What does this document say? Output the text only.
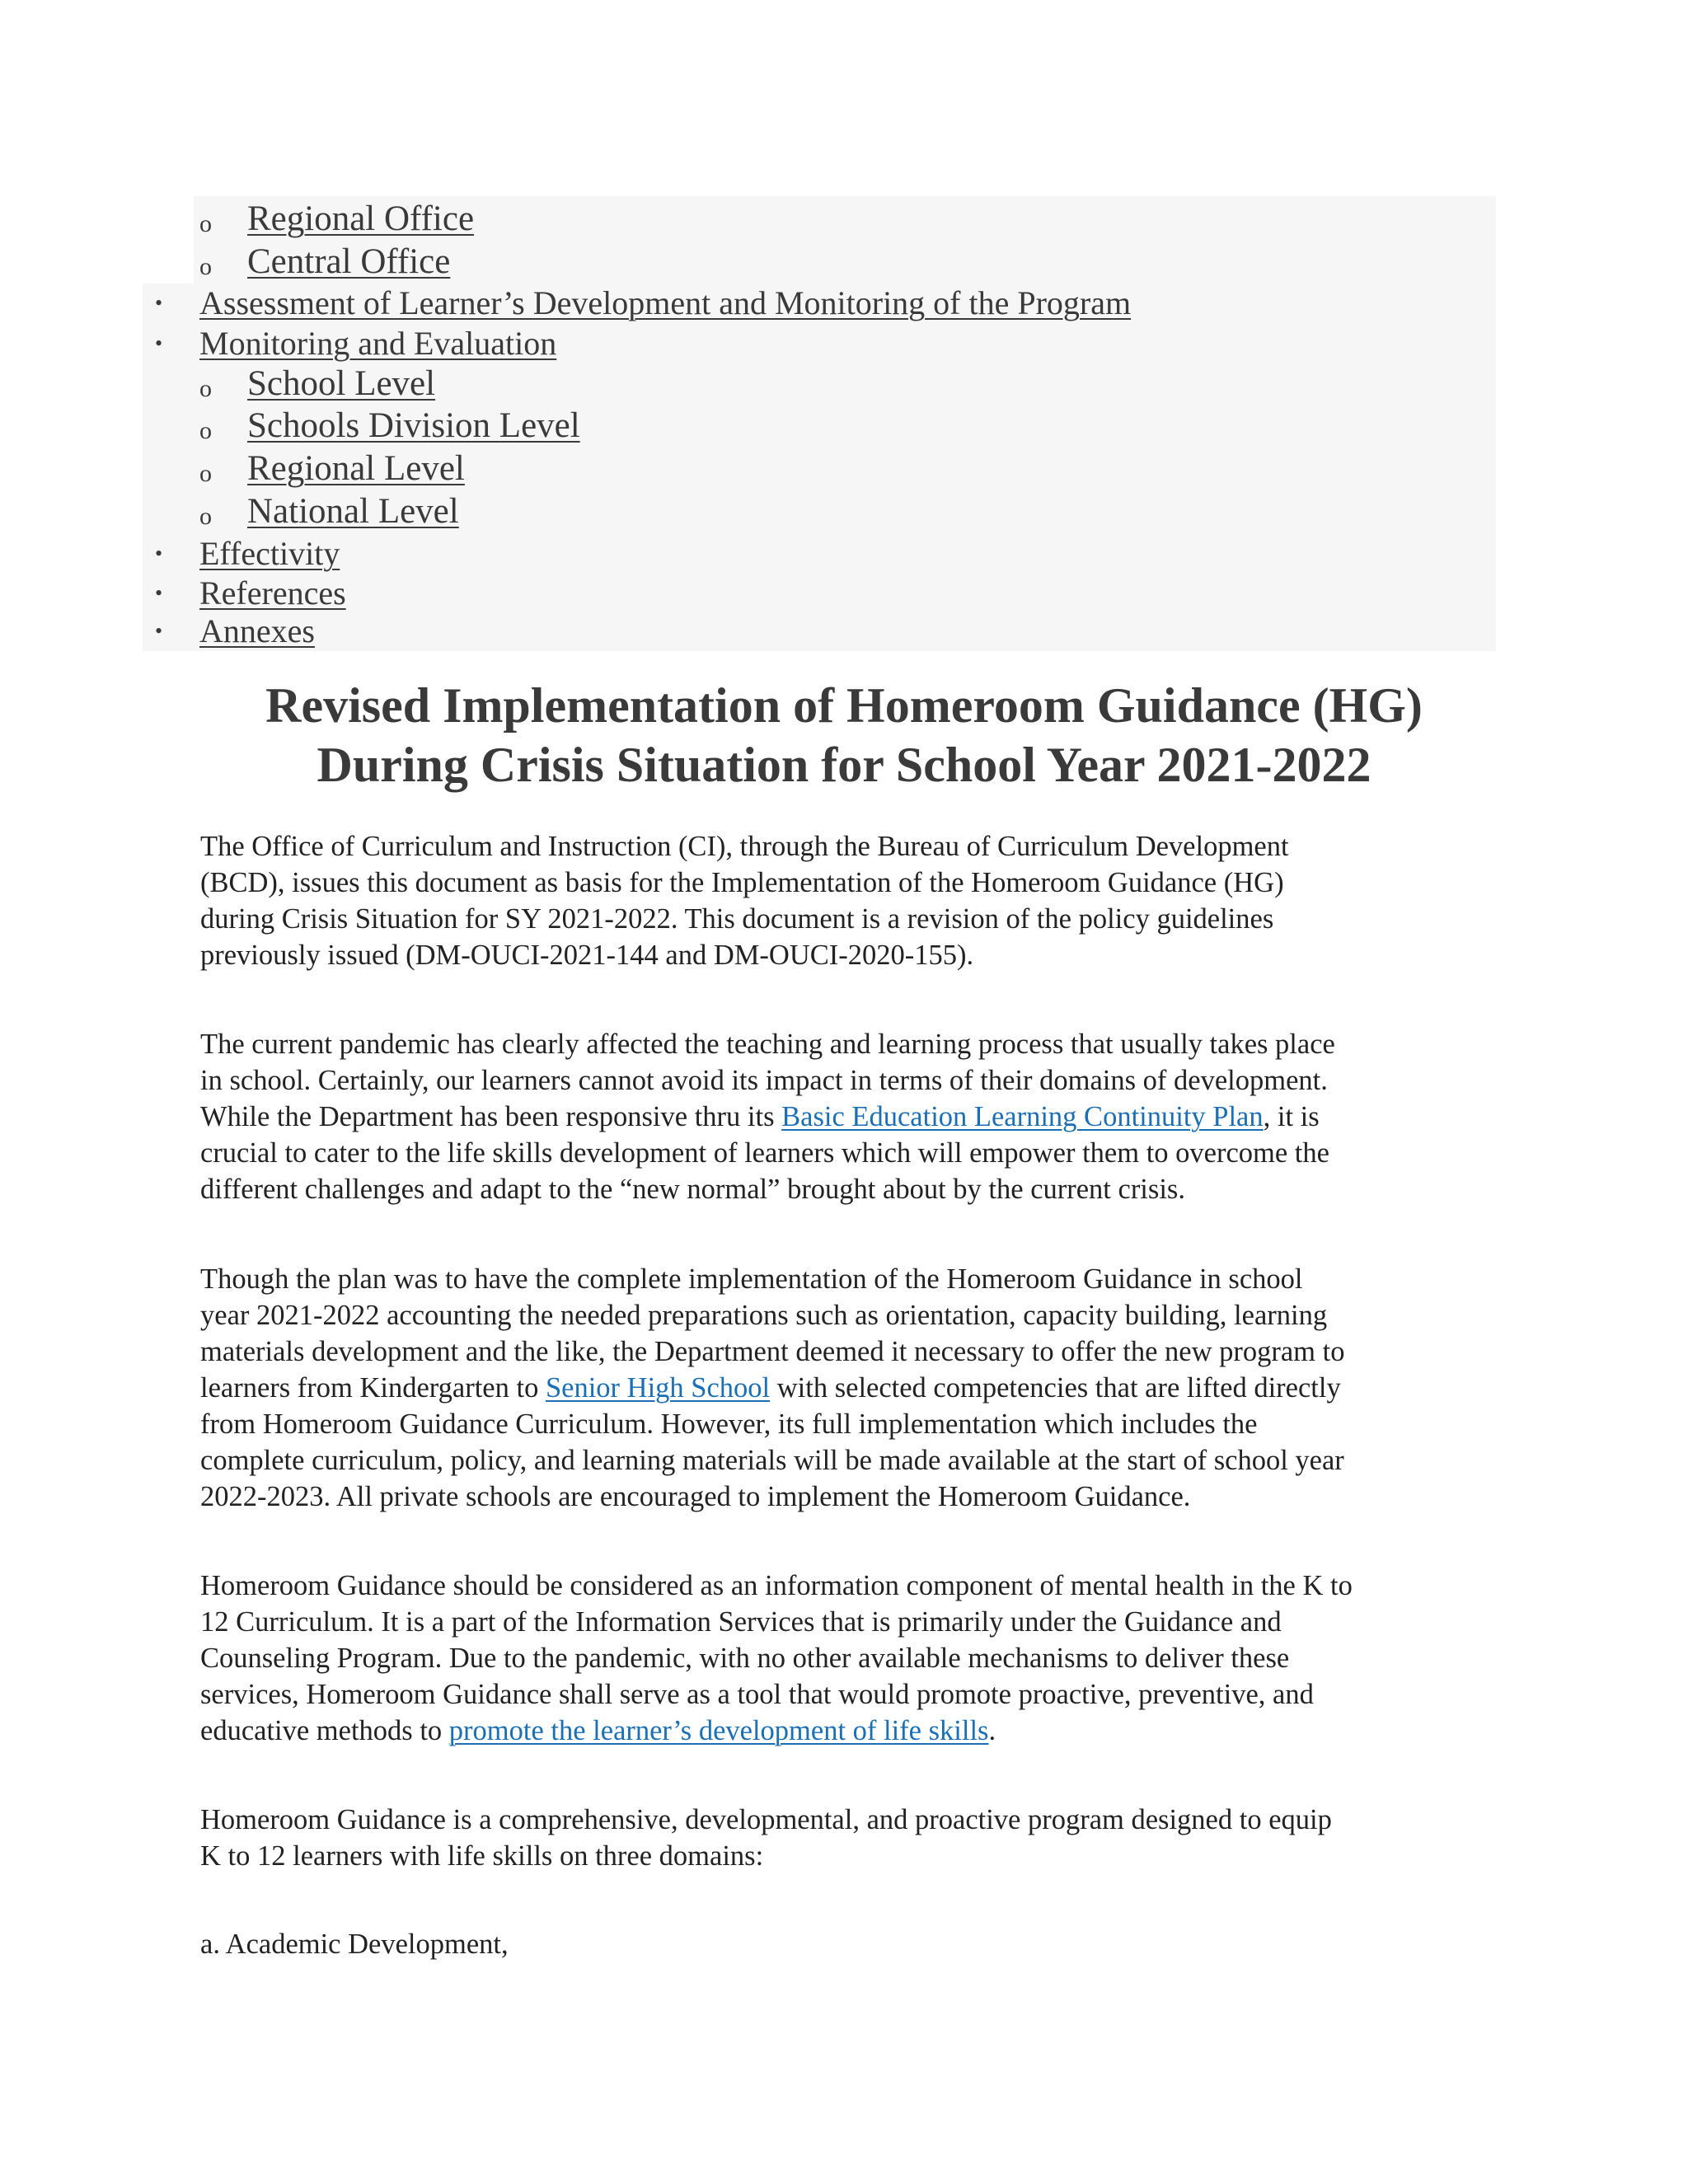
o Regional Office
o Central Office
• Assessment of Learner’s Development and Monitoring of the Program
• Monitoring and Evaluation
o School Level
o Schools Division Level
o Regional Level
o National Level
• Effectivity
• References
• Annexes
Revised Implementation of Homeroom Guidance (HG)
During Crisis Situation for School Year 2021-2022
The Office of Curriculum and Instruction (CI), through the Bureau of Curriculum Development
(BCD), issues this document as basis for the Implementation of the Homeroom Guidance (HG)
during Crisis Situation for SY 2021-2022. This document is a revision of the policy guidelines
previously issued (DM-OUCI-2021-144 and DM-OUCI-2020-155).
The current pandemic has clearly affected the teaching and learning process that usually takes place
in school. Certainly, our learners cannot avoid its impact in terms of their domains of development.
While the Department has been responsive thru its Basic Education Learning Continuity Plan, it is
crucial to cater to the life skills development of learners which will empower them to overcome the
different challenges and adapt to the “new normal” brought about by the current crisis.
Though the plan was to have the complete implementation of the Homeroom Guidance in school
year 2021-2022 accounting the needed preparations such as orientation, capacity building, learning
materials development and the like, the Department deemed it necessary to offer the new program to
learners from Kindergarten to Senior High School with selected competencies that are lifted directly
from Homeroom Guidance Curriculum. However, its full implementation which includes the
complete curriculum, policy, and learning materials will be made available at the start of school year
2022-2023. All private schools are encouraged to implement the Homeroom Guidance.
Homeroom Guidance should be considered as an information component of mental health in the K to
12 Curriculum. It is a part of the Information Services that is primarily under the Guidance and
Counseling Program. Due to the pandemic, with no other available mechanisms to deliver these
services, Homeroom Guidance shall serve as a tool that would promote proactive, preventive, and
educative methods to promote the learner’s development of life skills.
Homeroom Guidance is a comprehensive, developmental, and proactive program designed to equip
K to 12 learners with life skills on three domains:
a. Academic Development,
